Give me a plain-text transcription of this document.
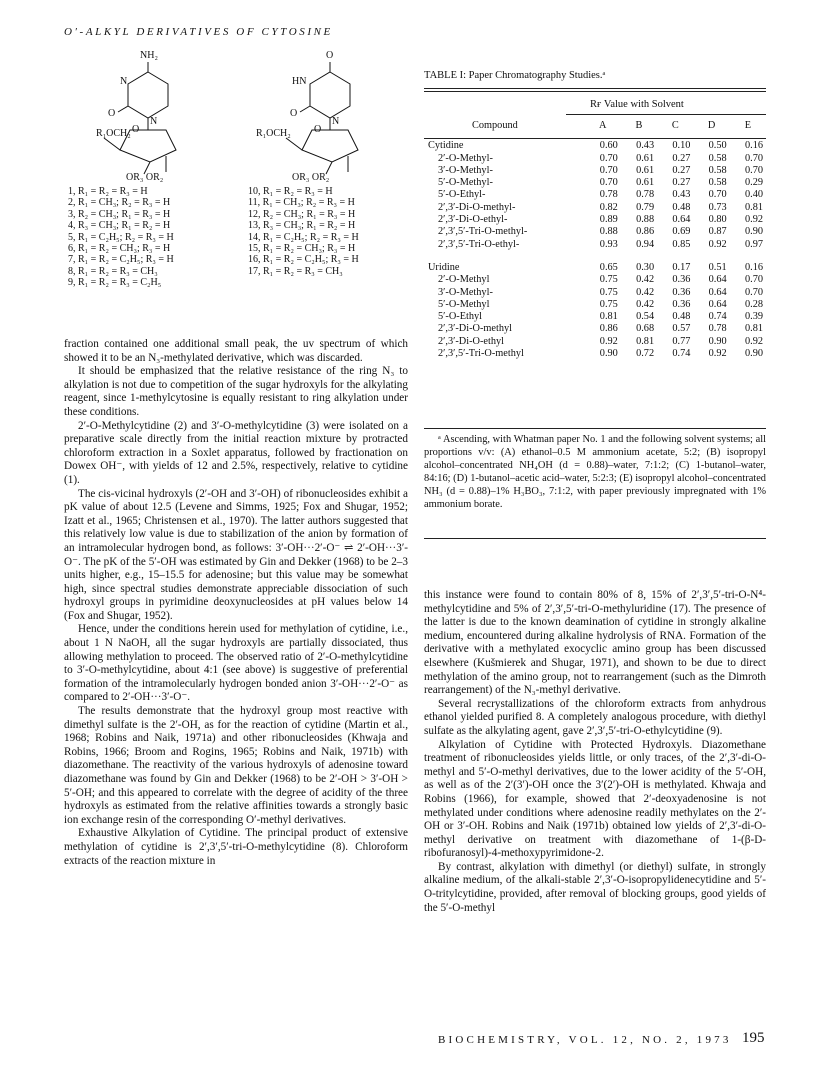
O′-ALKYL DERIVATIVES OF CYTOSINE
NH₂
N
N
O
O
R₁OCH₂
OR₃ OR₂
1, R₁ = R₂ = R₃ = H
2, R₁ = CH₃; R₂ = R₃ = H
3, R₂ = CH₃; R₁ = R₃ = H
4, R₃ = CH₃; R₁ = R₂ = H
5, R₁ = C₂H₅; R₂ = R₃ = H
6, R₁ = R₂ = CH₃; R₃ = H
7, R₁ = R₂ = C₂H₅; R₃ = H
8, R₁ = R₂ = R₃ = CH₃
9, R₁ = R₂ = R₃ = C₂H₅
O
HN
N
O
O
R₁OCH₂
OR₃ OR₂
10, R₁ = R₂ = R₃ = H
11, R₁ = CH₃; R₂ = R₃ = H
12, R₂ = CH₃; R₁ = R₃ = H
13, R₃ = CH₃; R₁ = R₂ = H
14, R₁ = C₂H₅; R₂ = R₃ = H
15, R₁ = R₂ = CH₃; R₃ = H
16, R₁ = R₂ = C₂H₅; R₃ = H
17, R₁ = R₂ = R₃ = CH₃

fraction contained one additional small peak, the uv spectrum of which showed it to be an N₃-methylated derivative, which was discarded.

It should be emphasized that the relative resistance of the ring N₃ to alkylation is not due to competition of the sugar hydroxyls for the alkylating reagent, since 1-methylcytosine is equally resistant to ring alkylation under these conditions.

2′-O-Methylcytidine (2) and 3′-O-methylcytidine (3) were isolated on a preparative scale directly from the initial reaction mixture by protracted chloroform extraction in a Soxlet apparatus, followed by fractionation on Dowex OH⁻, with yields of 12 and 2.5%, respectively, relative to cytidine (1).

The cis-vicinal hydroxyls (2′-OH and 3′-OH) of ribonucleosides exhibit a pK value of about 12.5 (Levene and Simms, 1925; Fox and Shugar, 1952; Izatt et al., 1965; Christensen et al., 1970). The latter authors suggested that this relatively low value is due to stabilization of the anion by formation of an intramolecular hydrogen bond, as follows: 3′-OH···2′-O⁻ ⇌ 2′-OH···3′-O⁻. The pK of the 5′-OH was estimated by Gin and Dekker (1968) to be 2–3 units higher, e.g., 15–15.5 for adenosine; but this value may be somewhat high, since spectral studies demonstrate appreciable dissociation of such hydroxyl groups in pyrimidine deoxynucleosides at pH values below 14 (Fox and Shugar, 1952).

Hence, under the conditions herein used for methylation of cytidine, i.e., about 1 N NaOH, all the sugar hydroxyls are partially dissociated, thus allowing methylation to proceed. The observed ratio of 2′-O-methylcytidine to 3′-O-methylcytidine, about 4:1 (see above) is suggestive of preferential formation of the intramolecularly hydrogen bonded anion 3′-OH···2′-O⁻ as compared to 2′-OH···3′-O⁻.

The results demonstrate that the hydroxyl group most reactive with dimethyl sulfate is the 2′-OH, as for the reaction of cytidine (Martin et al., 1968; Robins and Naik, 1971a) and other ribonucleosides (Khwaja and Robins, 1966; Broom and Rogins, 1965; Robins and Naik, 1971b) with diazomethane. The reactivity of the various hydroxyls of adenosine toward diazomethane was found by Gin and Dekker (1968) to be 2′-OH > 3′-OH > 5′-OH; and this appeared to correlate with the degree of acidity of the three hydroxyls as estimated from the relative affinities towards a strongly basic ion exchange resin of the corresponding O′-methyl derivatives.

Exhaustive Alkylation of Cytidine. The principal product of extensive methylation of cytidine is 2′,3′,5′-tri-O-methylcytidine (8). Chloroform extracts of the reaction mixture in

TABLE I: Paper Chromatography Studies.ᵃ
Rғ Value with Solvent
Compound	A	B	C	D	E

Cytidine	0.60	0.43	0.10	0.50	0.16
2′-O-Methyl-	0.70	0.61	0.27	0.58	0.70
3′-O-Methyl-	0.70	0.61	0.27	0.58	0.70
5′-O-Methyl-	0.70	0.61	0.27	0.58	0.29
5′-O-Ethyl-	0.78	0.78	0.43	0.70	0.40
2′,3′-Di-O-methyl-	0.82	0.79	0.48	0.73	0.81
2′,3′-Di-O-ethyl-	0.89	0.88	0.64	0.80	0.92
2′,3′,5′-Tri-O-methyl-	0.88	0.86	0.69	0.87	0.90
2′,3′,5′-Tri-O-ethyl-	0.93	0.94	0.85	0.92	0.97

Uridine	0.65	0.30	0.17	0.51	0.16
2′-O-Methyl	0.75	0.42	0.36	0.64	0.70
3′-O-Methyl-	0.75	0.42	0.36	0.64	0.70
5′-O-Methyl	0.75	0.42	0.36	0.64	0.28
5′-O-Ethyl	0.81	0.54	0.48	0.74	0.39
2′,3′-Di-O-methyl	0.86	0.68	0.57	0.78	0.81
2′,3′-Di-O-ethyl	0.92	0.81	0.77	0.90	0.92
2′,3′,5′-Tri-O-methyl	0.90	0.72	0.74	0.92	0.90

ᵃ Ascending, with Whatman paper No. 1 and the following solvent systems; all proportions v/v: (A) ethanol–0.5 M ammonium acetate, 5:2; (B) isopropyl alcohol–concentrated NH₄OH (d = 0.88)–water, 7:1:2; (C) 1-butanol–water, 84:16; (D) 1-butanol–acetic acid–water, 5:2:3; (E) isopropyl alcohol–concentrated NH₃ (d = 0.88)–1% H₃BO₃, 7:1:2, with paper previously impregnated with 1% ammonium borate.

this instance were found to contain 80% of 8, 15% of 2′,3′,5′-tri-O-N⁴-methylcytidine and 5% of 2′,3′,5′-tri-O-methyluridine (17). The presence of the latter is due to the known deamination of cytidine in strongly alkaline medium, encountered during alkaline hydrolysis of RNA. Formation of the derivative with a methylated exocyclic amino group has been discussed elsewhere (Kušmierek and Shugar, 1971), and shown to be due to direct methylation of the amino group, not to rearrangement (such as the Dimroth rearrangement) of the N₃-methyl derivative.

Several recrystallizations of the chloroform extracts from anhydrous ethanol yielded purified 8. A completely analogous procedure, with diethyl sulfate as the alkylating agent, gave 2′,3′,5′-tri-O-ethylcytidine (9).

Alkylation of Cytidine with Protected Hydroxyls. Diazomethane treatment of ribonucleosides yields little, or only traces, of the 2′,3′-di-O-methyl and 5′-O-methyl derivatives, due to the lower acidity of the 5′-OH, as well as of the 2′(3′)-OH once the 3′(2′)-OH is methylated. Khwaja and Robins (1966), for example, showed that 2′-deoxyadenosine is not methylated under conditions where adenosine readily methylates on the 2′-OH or 3′-OH. Robins and Naik (1971b) obtained low yields of 2′,3′-di-O-methyl derivative on treatment with diazomethane of 1-(β-D-ribofuranosyl)-4-methoxypyrimidone-2.

By contrast, alkylation with dimethyl (or diethyl) sulfate, in strongly alkaline medium, of the alkali-stable 2′,3′-O-isopropylidenecytidine and 5′-O-tritylcytidine, provided, after removal of blocking groups, good yields of the 5′-O-methyl

BIOCHEMISTRY, VOL. 12, NO. 2, 1973 195
